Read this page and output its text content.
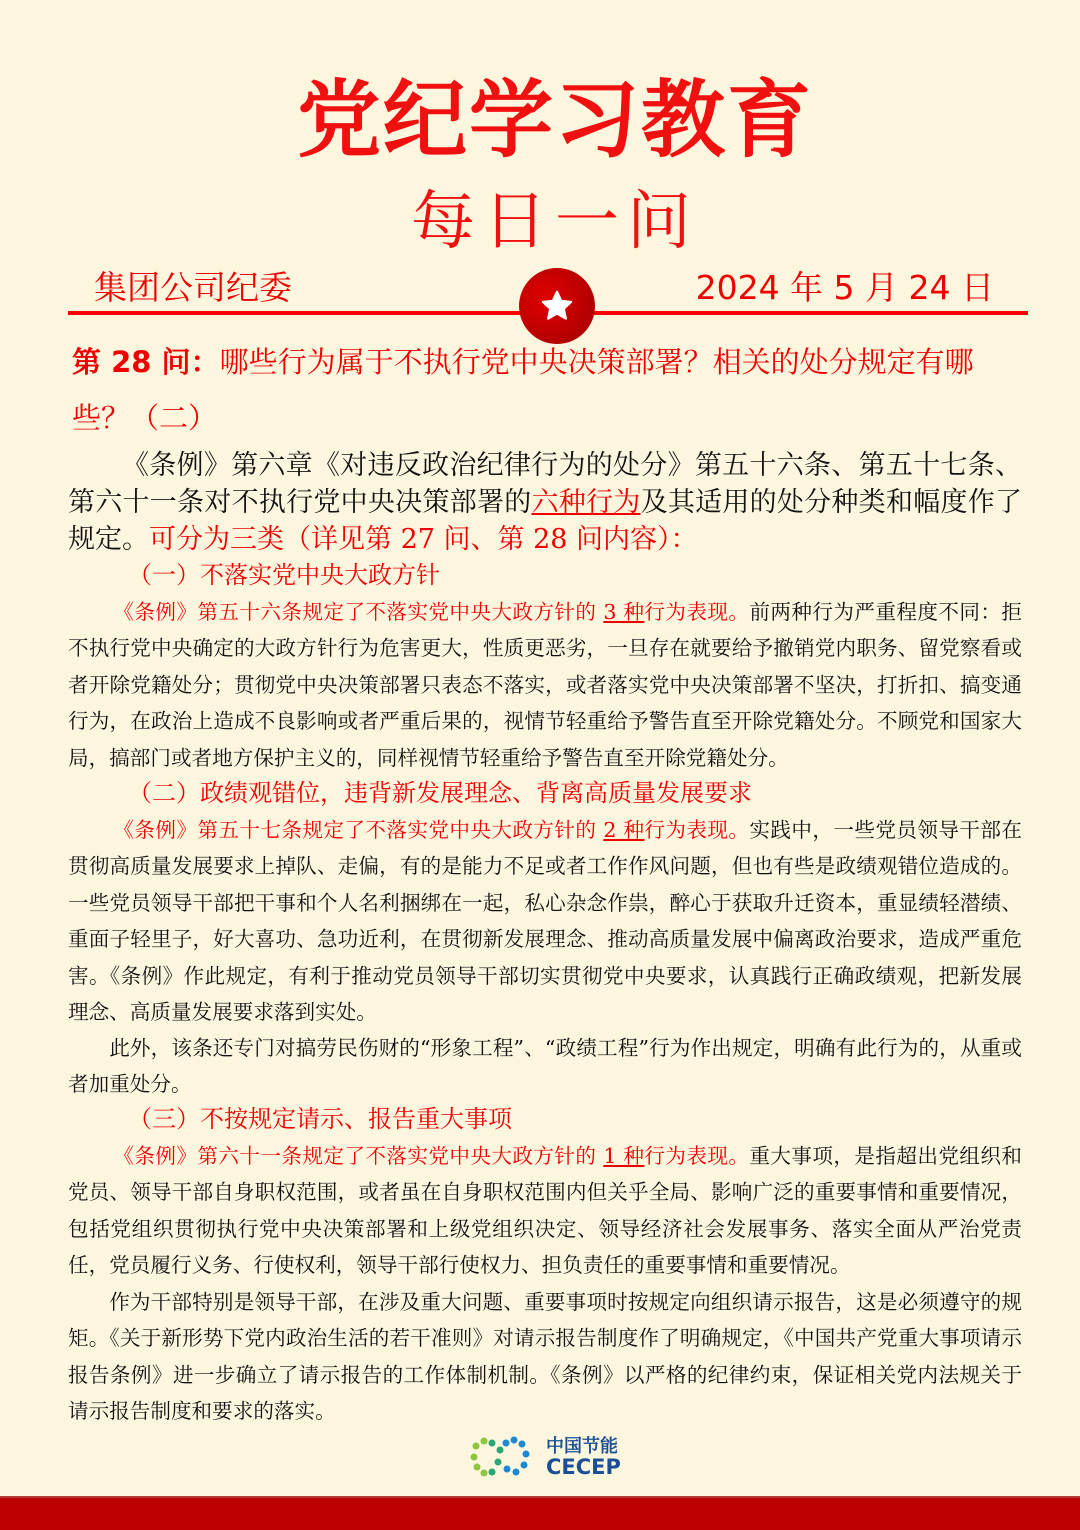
党纪学习教育
每日一问
集团公司纪委	2024 年 5 月 24 日
第 28 问：哪些行为属于不执行党中央决策部署？相关的处分规定有哪些？（二）
《条例》第六章《对违反政治纪律行为的处分》第五十六条、第五十七条、第六十一条对不执行党中央决策部署的六种行为及其适用的处分种类和幅度作了规定。可分为三类（详见第 27 问、第 28 问内容）：
（一）不落实党中央大政方针
《条例》第五十六条规定了不落实党中央大政方针的 3 种行为表现。前两种行为严重程度不同：拒不执行党中央确定的大政方针行为危害更大，性质更恶劣，一旦存在就要给予撤销党内职务、留党察看或者开除党籍处分；贯彻党中央决策部署只表态不落实，或者落实党中央决策部署不坚决，打折扣、搞变通行为，在政治上造成不良影响或者严重后果的，视情节轻重给予警告直至开除党籍处分。不顾党和国家大局，搞部门或者地方保护主义的，同样视情节轻重给予警告直至开除党籍处分。
（二）政绩观错位，违背新发展理念、背离高质量发展要求
《条例》第五十七条规定了不落实党中央大政方针的 2 种行为表现。实践中，一些党员领导干部在贯彻高质量发展要求上掉队、走偏，有的是能力不足或者工作作风问题，但也有些是政绩观错位造成的。一些党员领导干部把干事和个人名利捆绑在一起，私心杂念作祟，醉心于获取升迁资本，重显绩轻潜绩、重面子轻里子，好大喜功、急功近利，在贯彻新发展理念、推动高质量发展中偏离政治要求，造成严重危害。《条例》作此规定，有利于推动党员领导干部切实贯彻党中央要求，认真践行正确政绩观，把新发展理念、高质量发展要求落到实处。
此外，该条还专门对搞劳民伤财的“形象工程”、“政绩工程”行为作出规定，明确有此行为的，从重或者加重处分。
（三）不按规定请示、报告重大事项
《条例》第六十一条规定了不落实党中央大政方针的 1 种行为表现。重大事项，是指超出党组织和党员、领导干部自身职权范围，或者虽在自身职权范围内但关乎全局、影响广泛的重要事情和重要情况，包括党组织贯彻执行党中央决策部署和上级党组织决定、领导经济社会发展事务、落实全面从严治党责任，党员履行义务、行使权利，领导干部行使权力、担负责任的重要事情和重要情况。
作为干部特别是领导干部，在涉及重大问题、重要事项时按规定向组织请示报告，这是必须遵守的规矩。《关于新形势下党内政治生活的若干准则》对请示报告制度作了明确规定，《中国共产党重大事项请示报告条例》进一步确立了请示报告的工作体制机制。《条例》以严格的纪律约束，保证相关党内法规关于请示报告制度和要求的落实。
中国节能
CECEP
